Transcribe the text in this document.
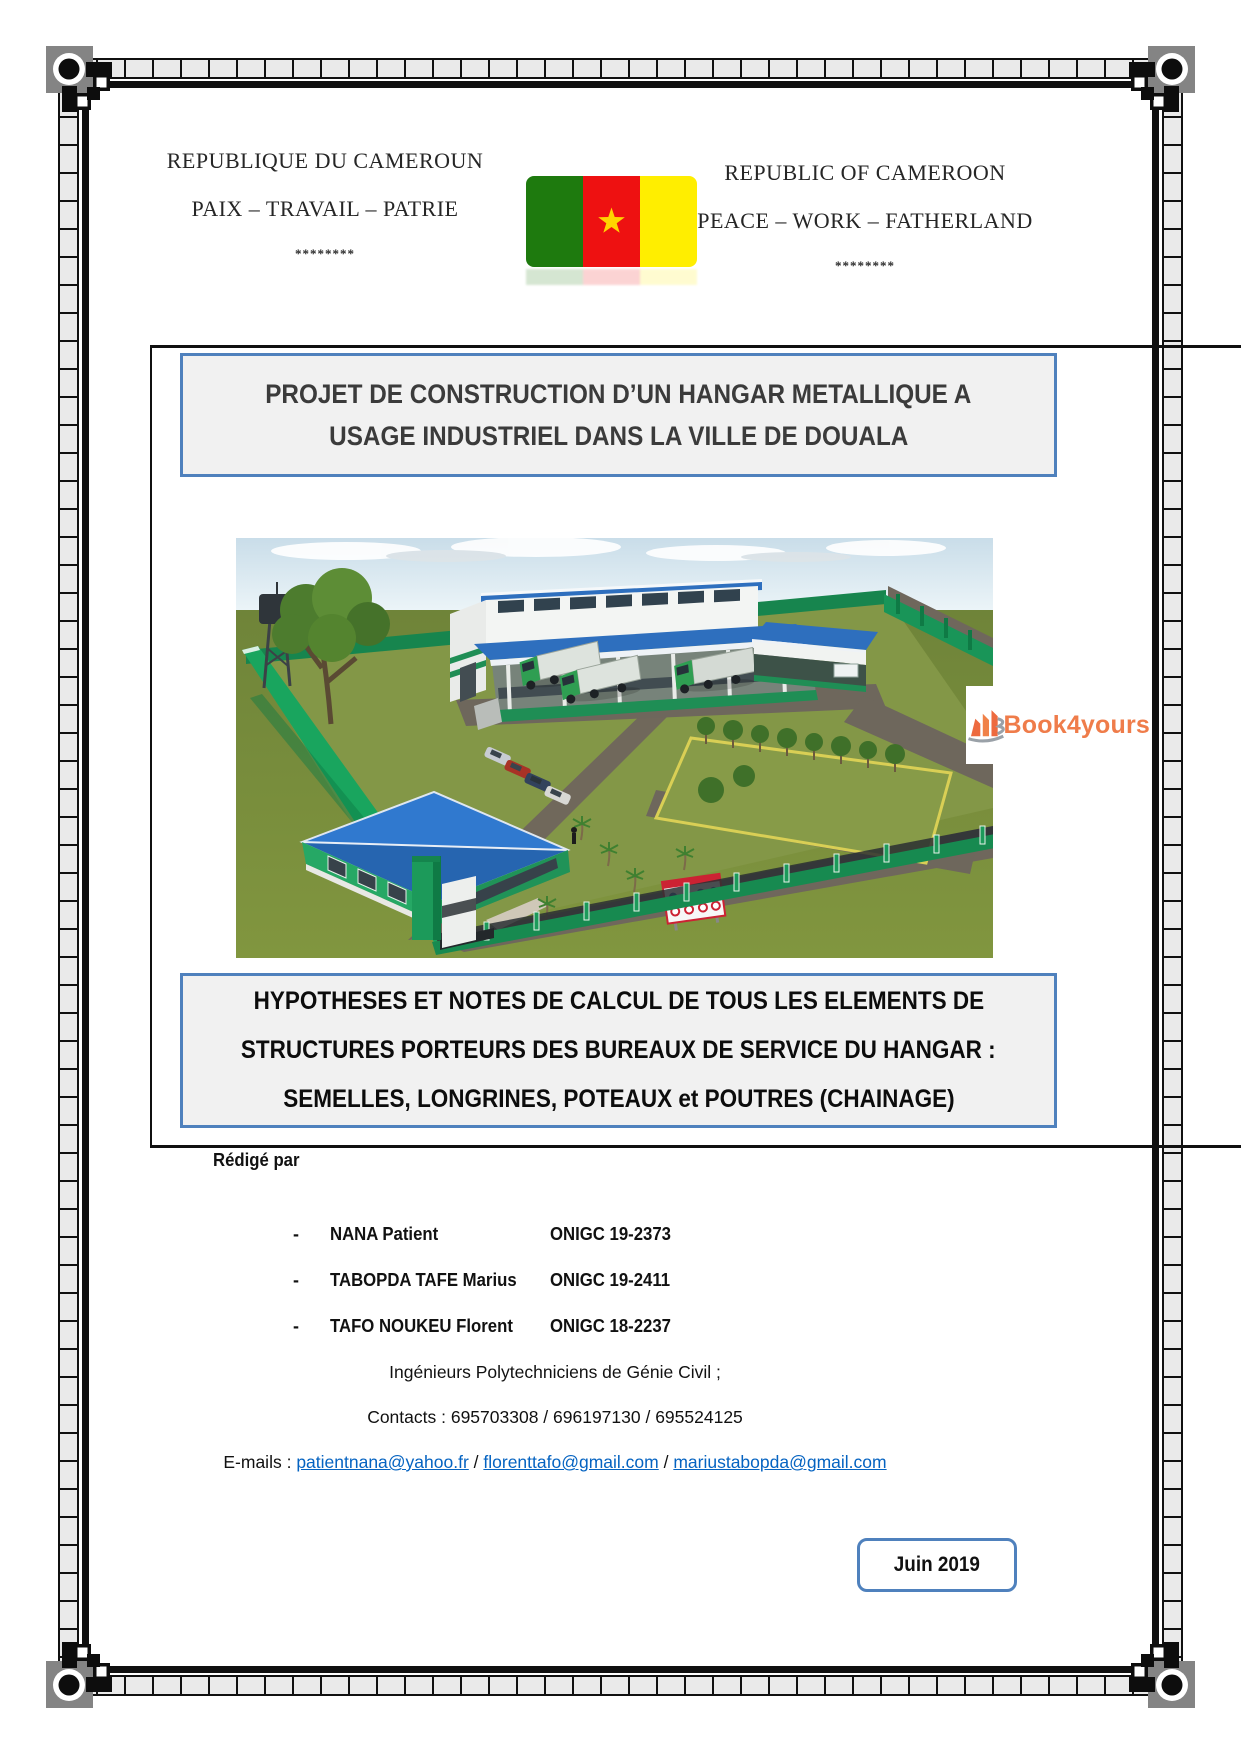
REPUBLIQUE DU CAMEROUN
PAIX – TRAVAIL – PATRIE
********
REPUBLIC OF CAMEROON
PEACE – WORK – FATHERLAND
********
PROJET DE CONSTRUCTION D’UN HANGAR METALLIQUE A
USAGE INDUSTRIEL DANS LA VILLE DE DOUALA
Book4yours
HYPOTHESES ET NOTES DE CALCUL DE TOUS LES ELEMENTS DE
STRUCTURES PORTEURS DES BUREAUX DE SERVICE DU HANGAR :
SEMELLES, LONGRINES, POTEAUX et POUTRES (CHAINAGE)
Rédigé par
- NANA Patient	ONIGC 19-2373
- TABOPDA TAFE Marius	ONIGC 19-2411
- TAFO NOUKEU Florent	ONIGC 18-2237
Ingénieurs Polytechniciens de Génie Civil ;
Contacts : 695703308 / 696197130 / 695524125
E-mails : patientnana@yahoo.fr / florenttafo@gmail.com / mariustabopda@gmail.com
Juin 2019
